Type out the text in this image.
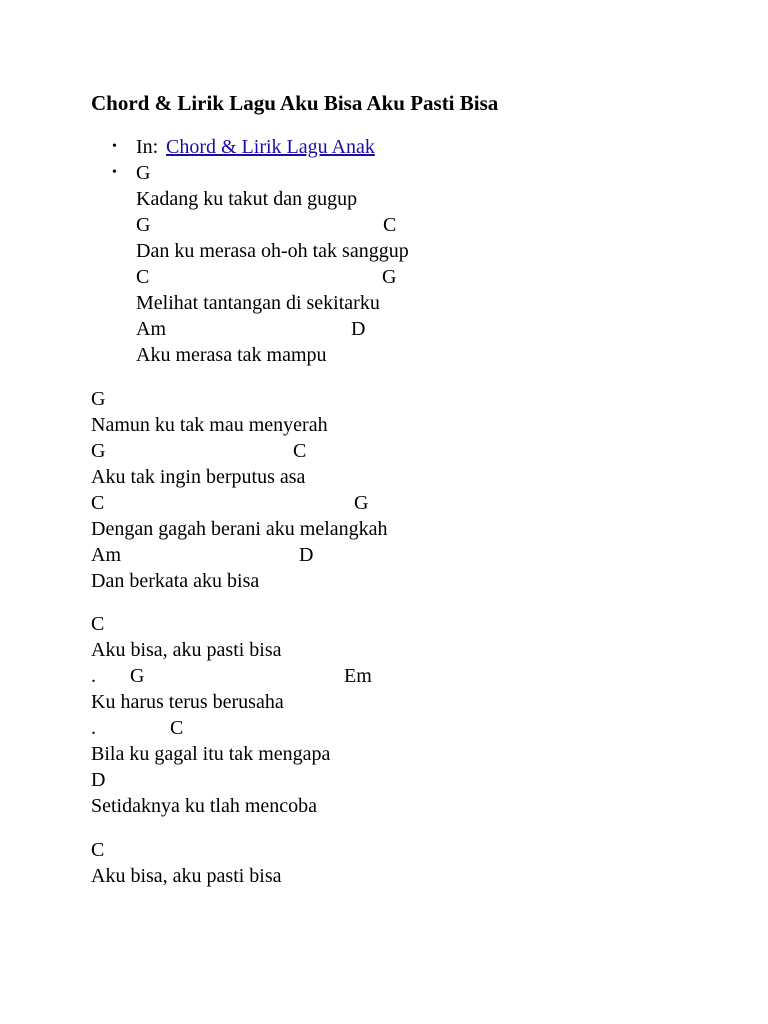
Chord & Lirik Lagu Aku Bisa Aku Pasti Bisa
•

In:

Chord & Lirik Lagu Anak

•

G

Kadang ku takut dan gugup

G

	C

Dan ku merasa oh-oh tak sanggup

C

	G

Melihat tantangan di sekitarku

Am

	D

Aku merasa tak mampu

G

Namun ku tak mau menyerah

G

	C

Aku tak ingin berputus asa

C

	G

Dengan gagah berani aku melangkah

Am

	D

Dan berkata aku bisa

C

Aku bisa, aku pasti bisa

.

G

	Em

Ku harus terus berusaha

.

	C

Bila ku gagal itu tak mengapa

D

Setidaknya ku tlah mencoba

C

Aku bisa, aku pasti bisa
